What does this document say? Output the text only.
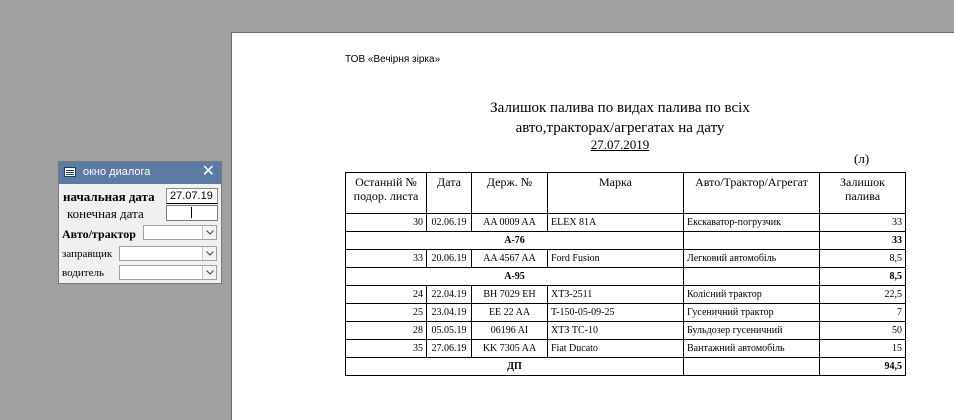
ТОВ «Вечірня зірка»
Залишок палива по видах палива по всіх
авто,тракторах/агрегатах на дату
27.07.2019
(л)
Останній № подор. листа	Дата	Держ. №	Марка	Авто/Трактор/Агрегат	Залишок палива
30	02.06.19	AA 0009 AA	ELEX 81A	Екскаватор-погрузчик	33
А-76					33
33	20.06.19	AA 4567 AA	Ford Fusion	Легковий автомобіль	8,5
А-95					8,5
24	22.04.19	BH 7029 EH	ХТЗ-2511	Колісний трактор	22,5
25	23.04.19	EE 22 AA	T-150-05-09-25	Гусеничний трактор	7
28	05.05.19	06196 AI	ХТЗ ТС-10	Бульдозер гусеничний	50
35	27.06.19	KK 7305 AA	Fiat Ducato	Вантажний автомобіль	15
ДП					94,5
окно диалога	✕
начальная дата	27.07.19
конечная дата
Авто/трактор
заправщик
водитель
